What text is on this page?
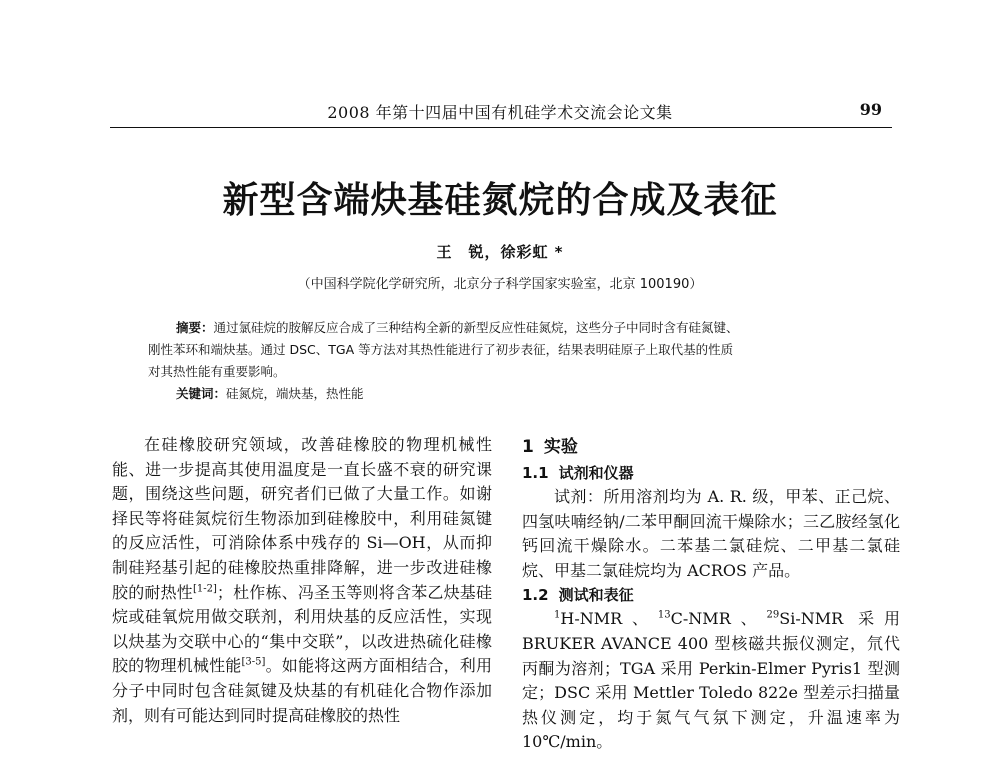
2008 年第十四届中国有机硅学术交流会论文集	99
新型含端炔基硅氮烷的合成及表征
王　锐，徐彩虹 *
（中国科学院化学研究所，北京分子科学国家实验室，北京 100190）
摘要：通过氯硅烷的胺解反应合成了三种结构全新的新型反应性硅氮烷，这些分子中同时含有硅氮键、
刚性苯环和端炔基。通过 DSC、TGA 等方法对其热性能进行了初步表征，结果表明硅原子上取代基的性质
对其热性能有重要影响。
关键词：硅氮烷，端炔基，热性能

在硅橡胶研究领域，改善硅橡胶的物理机械性能、进一步提高其使用温度是一直长盛不衰的研究课题，围绕这些问题，研究者们已做了大量工作。如谢择民等将硅氮烷衍生物添加到硅橡胶中，利用硅氮键的反应活性，可消除体系中残存的 Si—OH，从而抑制硅羟基引起的硅橡胶热重排降解，进一步改进硅橡胶的耐热性[1-2]；杜作栋、冯圣玉等则将含苯乙炔基硅烷或硅氧烷用做交联剂，利用炔基的反应活性，实现以炔基为交联中心的“集中交联”，以改进热硫化硅橡胶的物理机械性能[3-5]。如能将这两方面相结合，利用分子中同时包含硅氮键及炔基的有机硅化合物作添加剂，则有可能达到同时提高硅橡胶的热性

1 实验
1.1 试剂和仪器

试剂：所用溶剂均为 A. R. 级，甲苯、正己烷、四氢呋喃经钠/二苯甲酮回流干燥除水；三乙胺经氢化钙回流干燥除水。二苯基二氯硅烷、二甲基二氯硅烷、甲基二氯硅烷均为 ACROS 产品。

1.2 测试和表征

$^1$H-NMR、$^{13}$C-NMR、$^{29}$Si-NMR 采用 BRUKER AVANCE 400 型核磁共振仪测定，氘代丙酮为溶剂；TGA 采用 Perkin-Elmer Pyris1 型测定；DSC 采用 Mettler Toledo 822e 型差示扫描量热仪测定，均于氮气气氛下测定，升温速率为 10℃/min。
